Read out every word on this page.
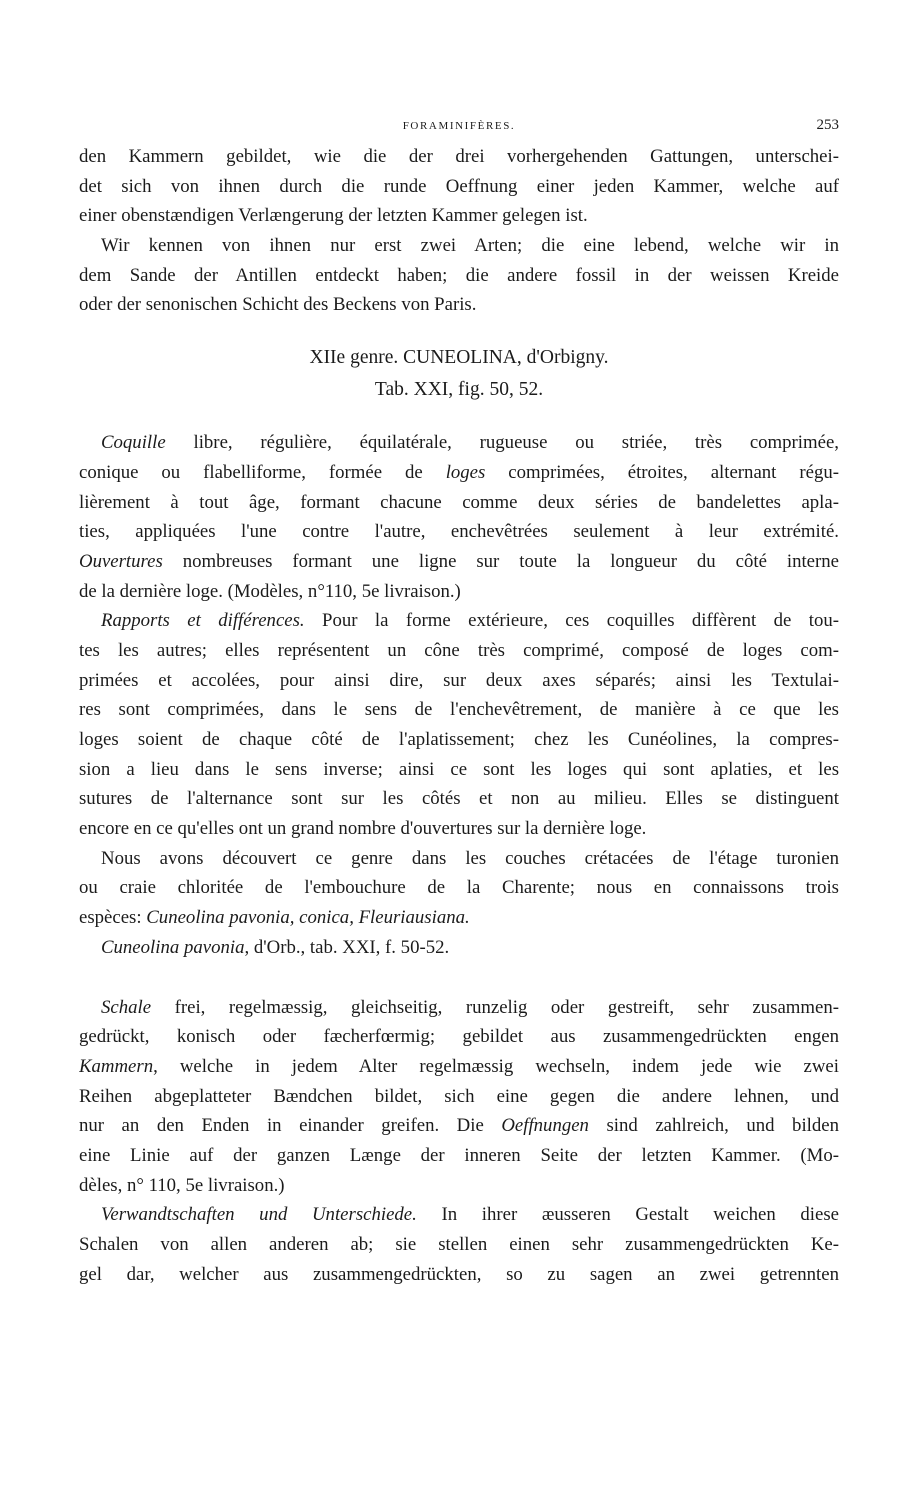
FORAMINIFÈRES.	253
den Kammern gebildet, wie die der drei vorhergehenden Gattungen, unterschei-
det sich von ihnen durch die runde Oeffnung einer jeden Kammer, welche auf
einer obenstændigen Verlængerung der letzten Kammer gelegen ist.
Wir kennen von ihnen nur erst zwei Arten; die eine lebend, welche wir in
dem Sande der Antillen entdeckt haben; die andere fossil in der weissen Kreide
oder der senonischen Schicht des Beckens von Paris.
XIIe genre. CUNEOLINA, d'Orbigny.
Tab. XXI, fig. 50, 52.
Coquille libre, régulière, équilatérale, rugueuse ou striée, très comprimée,
conique ou flabelliforme, formée de loges comprimées, étroites, alternant régu-
lièrement à tout âge, formant chacune comme deux séries de bandelettes apla-
ties, appliquées l'une contre l'autre, enchevêtrées seulement à leur extrémité.
Ouvertures nombreuses formant une ligne sur toute la longueur du côté interne
de la dernière loge. (Modèles, n°110, 5e livraison.)
Rapports et différences. Pour la forme extérieure, ces coquilles diffèrent de tou-
tes les autres; elles représentent un cône très comprimé, composé de loges com-
primées et accolées, pour ainsi dire, sur deux axes séparés; ainsi les Textulai-
res sont comprimées, dans le sens de l'enchevêtrement, de manière à ce que les
loges soient de chaque côté de l'aplatissement; chez les Cunéolines, la compres-
sion a lieu dans le sens inverse; ainsi ce sont les loges qui sont aplaties, et les
sutures de l'alternance sont sur les côtés et non au milieu. Elles se distinguent
encore en ce qu'elles ont un grand nombre d'ouvertures sur la dernière loge.
Nous avons découvert ce genre dans les couches crétacées de l'étage turonien
ou craie chloritée de l'embouchure de la Charente; nous en connaissons trois
espèces: Cuneolina pavonia, conica, Fleuriausiana.
Cuneolina pavonia, d'Orb., tab. XXI, f. 50-52.
Schale frei, regelmæssig, gleichseitig, runzelig oder gestreift, sehr zusammen-
gedrückt, konisch oder fæcherfœrmig; gebildet aus zusammengedrückten engen
Kammern, welche in jedem Alter regelmæssig wechseln, indem jede wie zwei
Reihen abgeplatteter Bændchen bildet, sich eine gegen die andere lehnen, und
nur an den Enden in einander greifen. Die Oeffnungen sind zahlreich, und bilden
eine Linie auf der ganzen Længe der inneren Seite der letzten Kammer. (Mo-
dèles, n° 110, 5e livraison.)
Verwandtschaften und Unterschiede. In ihrer æusseren Gestalt weichen diese
Schalen von allen anderen ab; sie stellen einen sehr zusammengedrückten Ke-
gel dar, welcher aus zusammengedrückten, so zu sagen an zwei getrennten
